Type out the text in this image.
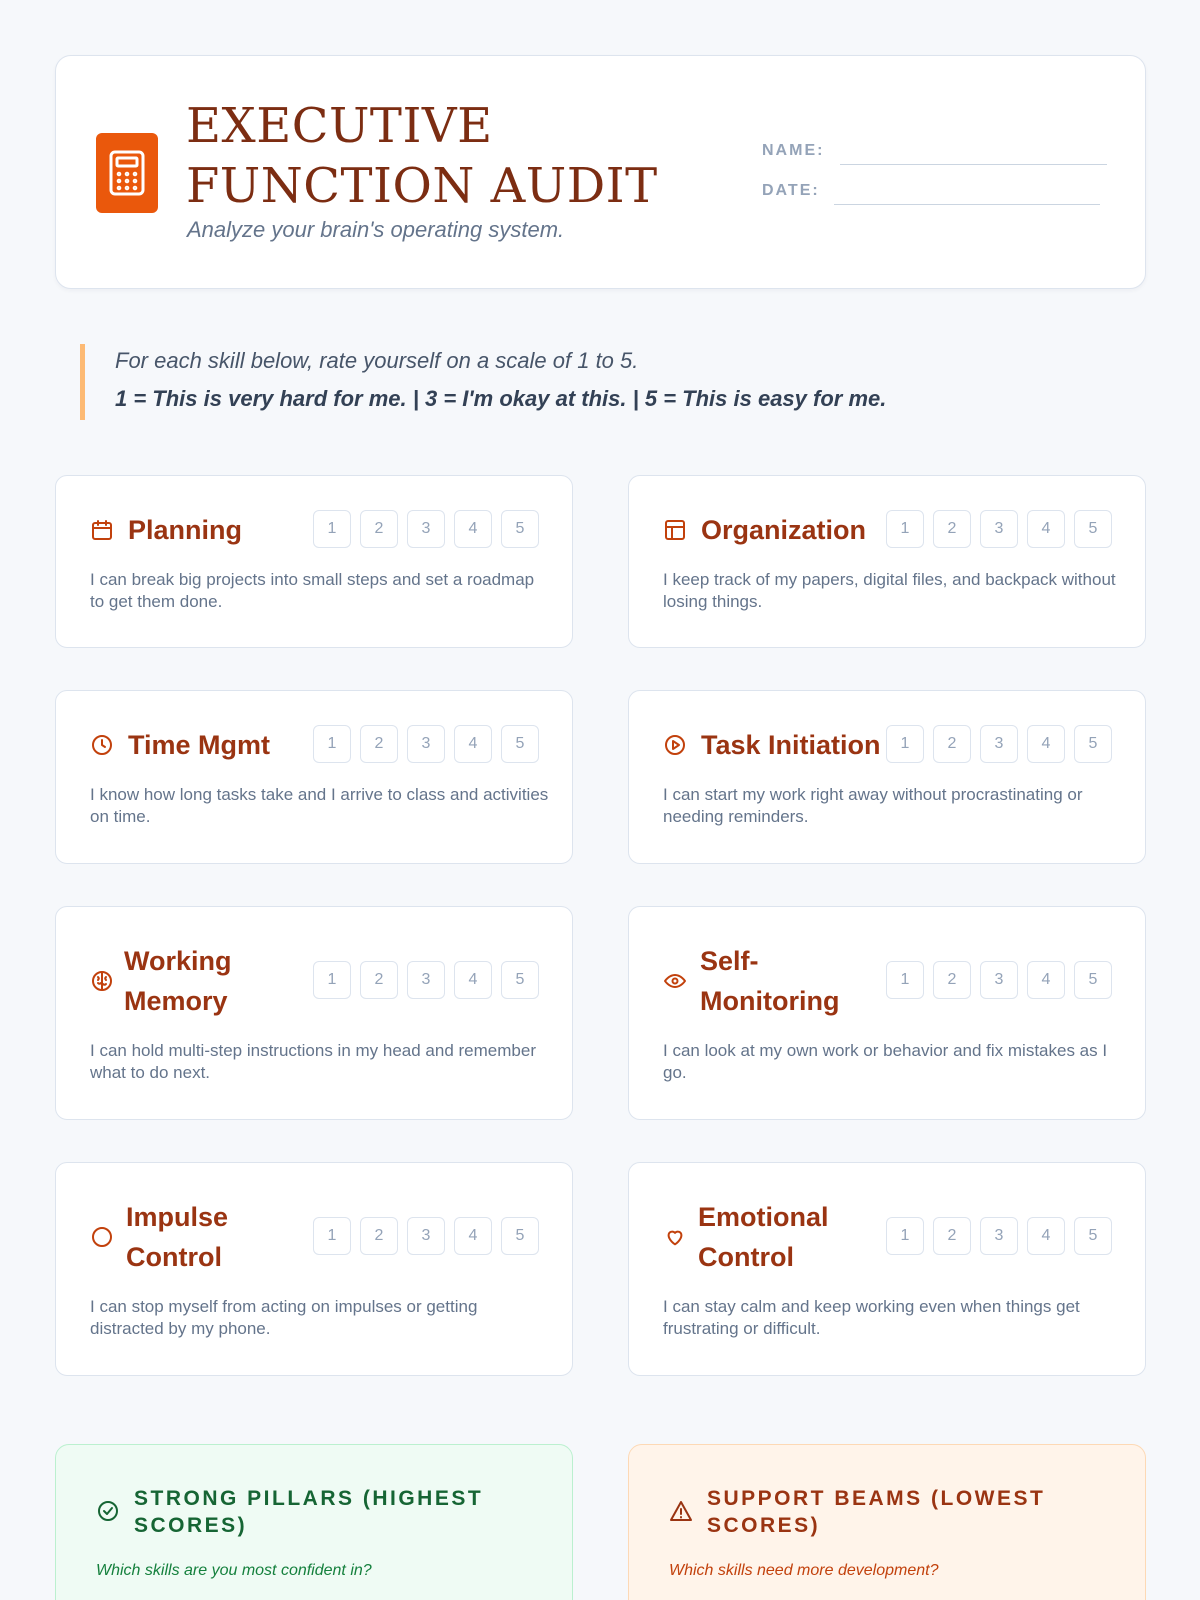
EXECUTIVE FUNCTION AUDIT
Analyze your brain's operating system.
NAME:
DATE:
For each skill below, rate yourself on a scale of 1 to 5.
1 = This is very hard for me. | 3 = I'm okay at this. | 5 = This is easy for me.
Planning	1	2	3	4	5
I can break big projects into small steps and set a roadmap to get them done.
Organization	1	2	3	4	5
I keep track of my papers, digital files, and backpack without losing things.
Time Mgmt	1	2	3	4	5
I know how long tasks take and I arrive to class and activities on time.
Task Initiation	1	2	3	4	5
I can start my work right away without procrastinating or needing reminders.
Working Memory
1	2	3	4	5
I can hold multi-step instructions in my head and remember what to do next.
Self-Monitoring
1	2	3	4	5
I can look at my own work or behavior and fix mistakes as I go.
Impulse Control
1	2	3	4	5
I can stop myself from acting on impulses or getting distracted by my phone.
Emotional Control
1	2	3	4	5
I can stay calm and keep working even when things get frustrating or difficult.
STRONG PILLARS (HIGHEST SCORES)
Which skills are you most confident in?
SUPPORT BEAMS (LOWEST SCORES)
Which skills need more development?
